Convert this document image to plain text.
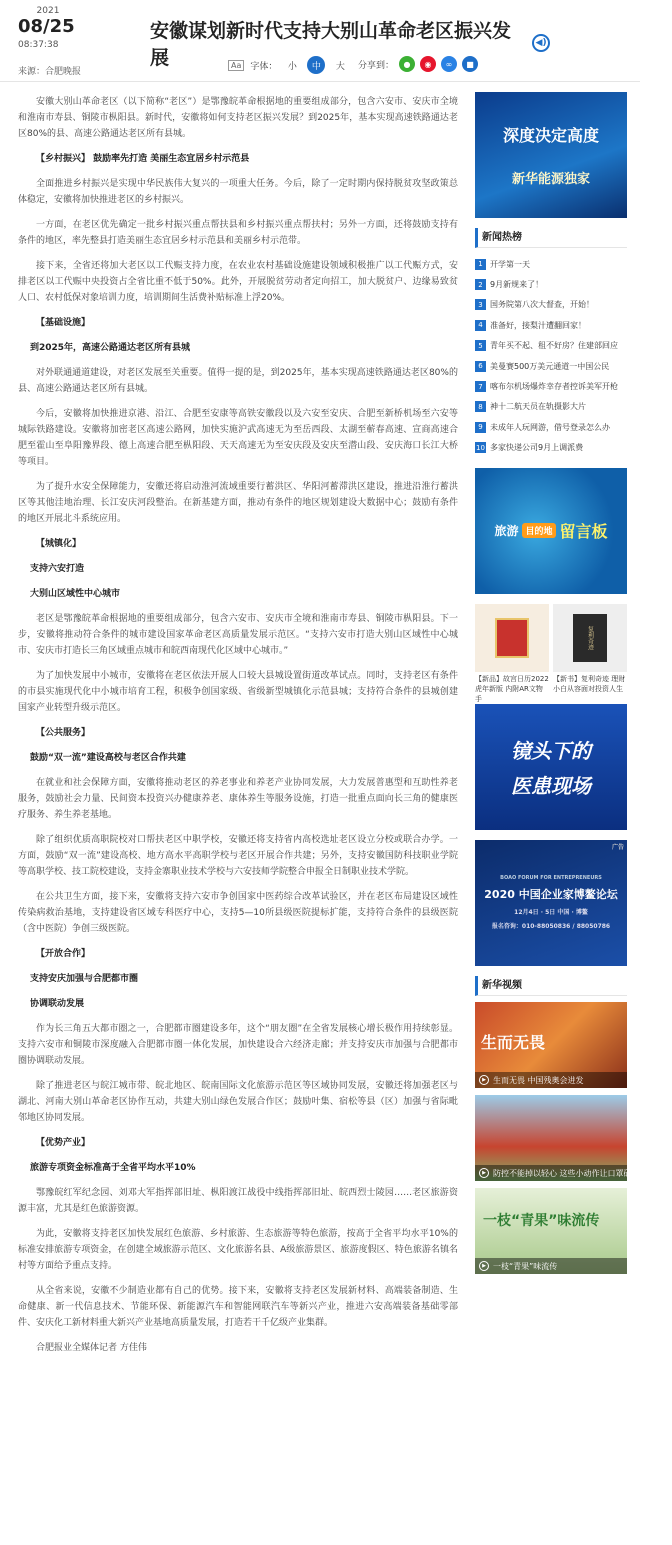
2021
08/25
08:37:38
来源：合肥晚报
安徽谋划新时代支持大别山革命老区振兴发展
◀)
Aa	字体：	小	中	大	分享到：	●	◉	∞	■

安徽大别山革命老区（以下简称“老区”）是鄂豫皖革命根据地的重要组成部分，包含六安市、安庆市全境和淮南市寿县、铜陵市枞阳县。新时代，安徽将如何支持老区振兴发展？到2025年，基本实现高速铁路通达老区80%的县、高速公路通达老区所有县城。

【乡村振兴】 鼓励率先打造 美丽生态宜居乡村示范县

全面推进乡村振兴是实现中华民族伟大复兴的一项重大任务。今后，除了一定时期内保持脱贫攻坚政策总体稳定，安徽将加快推进老区的乡村振兴。

一方面，在老区优先确定一批乡村振兴重点帮扶县和乡村振兴重点帮扶村；另外一方面，还将鼓励支持有条件的地区，率先整县打造美丽生态宜居乡村示范县和美丽乡村示范带。

接下来，全省还将加大老区以工代赈支持力度，在农业农村基础设施建设领域积极推广以工代赈方式，安排老区以工代赈中央投资占全省比重不低于50%。此外，开展脱贫劳动者定向招工，加大脱贫户、边缘易致贫人口、农村低保对象培训力度，培训期间生活费补贴标准上浮20%。

【基础设施】

到2025年，高速公路通达老区所有县城

对外联通通道建设，对老区发展至关重要。值得一提的是，到2025年，基本实现高速铁路通达老区80%的县、高速公路通达老区所有县城。

今后，安徽将加快推进京港、沿江、合肥至安康等高铁安徽段以及六安至安庆、合肥至新桥机场至六安等城际铁路建设。安徽将加密老区高速公路网，加快实施沪武高速无为至岳西段、太湖至蕲春高速、宣商高速合肥至霍山至阜阳豫界段、德上高速合肥至枞阳段、天天高速无为至安庆段及安庆至潜山段、安庆海口长江大桥等项目。

为了提升水安全保障能力，安徽还将启动淮河流域重要行蓄洪区、华阳河蓄滞洪区建设，推进沿淮行蓄洪区等其他洼地治理、长江安庆河段整治。在新基建方面，推动有条件的地区规划建设大数据中心；鼓励有条件的地区开展北斗系统应用。

【城镇化】

支持六安打造

大别山区域性中心城市

老区是鄂豫皖革命根据地的重要组成部分，包含六安市、安庆市全境和淮南市寿县、铜陵市枞阳县。下一步，安徽将推动符合条件的城市建设国家革命老区高质量发展示范区。“支持六安市打造大别山区域性中心城市、安庆市打造长三角区域重点城市和皖西南现代化区域中心城市。”

为了加快发展中小城市，安徽将在老区依法开展人口较大县城设置街道改革试点。同时，支持老区有条件的市县实施现代化中小城市培育工程，积极争创国家级、省级新型城镇化示范县城；支持符合条件的县城创建国家产业转型升级示范区。

【公共服务】

鼓励“双一流”建设高校与老区合作共建

在就业和社会保障方面，安徽将推动老区的养老事业和养老产业协同发展，大力发展普惠型和互助性养老服务，鼓励社会力量、民间资本投资兴办健康养老、康体养生等服务设施，打造一批重点面向长三角的健康医疗服务、养生养老基地。

除了组织优质高职院校对口帮扶老区中职学校，安徽还将支持省内高校选址老区设立分校或联合办学。一方面，鼓励“双一流”建设高校、地方高水平高职学校与老区开展合作共建；另外，支持安徽国防科技职业学院等高职学校、技工院校建设，支持金寨职业技术学校与六安技师学院整合申报全日制职业技术学院。

在公共卫生方面，接下来，安徽将支持六安市争创国家中医药综合改革试验区，并在老区布局建设区域性传染病救治基地，支持建设省区域专科医疗中心，支持5—10所县级医院提标扩能，支持符合条件的县级医院（含中医院）争创三级医院。

【开放合作】

支持安庆加强与合肥都市圈

协调联动发展

作为长三角五大都市圈之一，合肥都市圈建设多年，这个“朋友圈”在全省发展核心增长极作用持续彰显。支持六安市和铜陵市深度融入合肥都市圈一体化发展，加快建设合六经济走廊；并支持安庆市加强与合肥都市圈协调联动发展。

除了推进老区与皖江城市带、皖北地区、皖南国际文化旅游示范区等区域协同发展，安徽还将加强老区与湖北、河南大别山革命老区协作互动，共建大别山绿色发展合作区；鼓励叶集、宿松等县（区）加强与省际毗邻地区协同发展。

【优势产业】

旅游专项资金标准高于全省平均水平10%

鄂豫皖红军纪念园、刘邓大军指挥部旧址、枞阳渡江战役中线指挥部旧址、皖西烈士陵园……老区旅游资源丰富，尤其是红色旅游资源。

为此，安徽将支持老区加快发展红色旅游、乡村旅游、生态旅游等特色旅游，按高于全省平均水平10%的标准安排旅游专项资金，在创建全域旅游示范区、文化旅游名县、A级旅游景区、旅游度假区、特色旅游名镇名村等方面给予重点支持。

从全省来说，安徽不少制造业都有自己的优势。接下来，安徽将支持老区发展新材料、高端装备制造、生命健康、新一代信息技术、节能环保、新能源汽车和智能网联汽车等新兴产业，推进六安高端装备基础零部件、安庆化工新材料重大新兴产业基地高质量发展，打造若干千亿级产业集群。

合肥报业全媒体记者 方佳伟

深度决定高度
新华能源独家
新闻热榜
1 开学第一天
2 9月新规来了！
3 国务院第八次大督查，开始！
4 准备好，接梨汁遭翻回家！
5 青年买不起、租不好房？住建部回应
6 美曼赛500万美元通道一中国公民
7 喀布尔机场爆炸幸存者控诉美军开枪
8 神十二航天员在轨摄影大片
9 未成年人玩网游，借号登录怎么办
10 多家快递公司9月上调派费
旅游 目的地 留言板
【新品】故宫日历2022虎年新版 内附AR文物手
复利奇迹
【新书】复利奇迹 理财小白从容面对投资人生
镜头下的
医患现场
广告
BOAO FORUM FOR ENTREPRENEURS
2020 中国企业家博鳌论坛
12月4日 · 5日 中国 · 博鳌
报名咨询：010-88050836 / 88050786
新华视频
生而无畏
生而无畏 中国残奥会进发
▶
防控不能掉以轻心 这些小动作让口罩破了个“寂寞”
▶
一枝“青果”味流传
一枝“青果”味流传
▶
